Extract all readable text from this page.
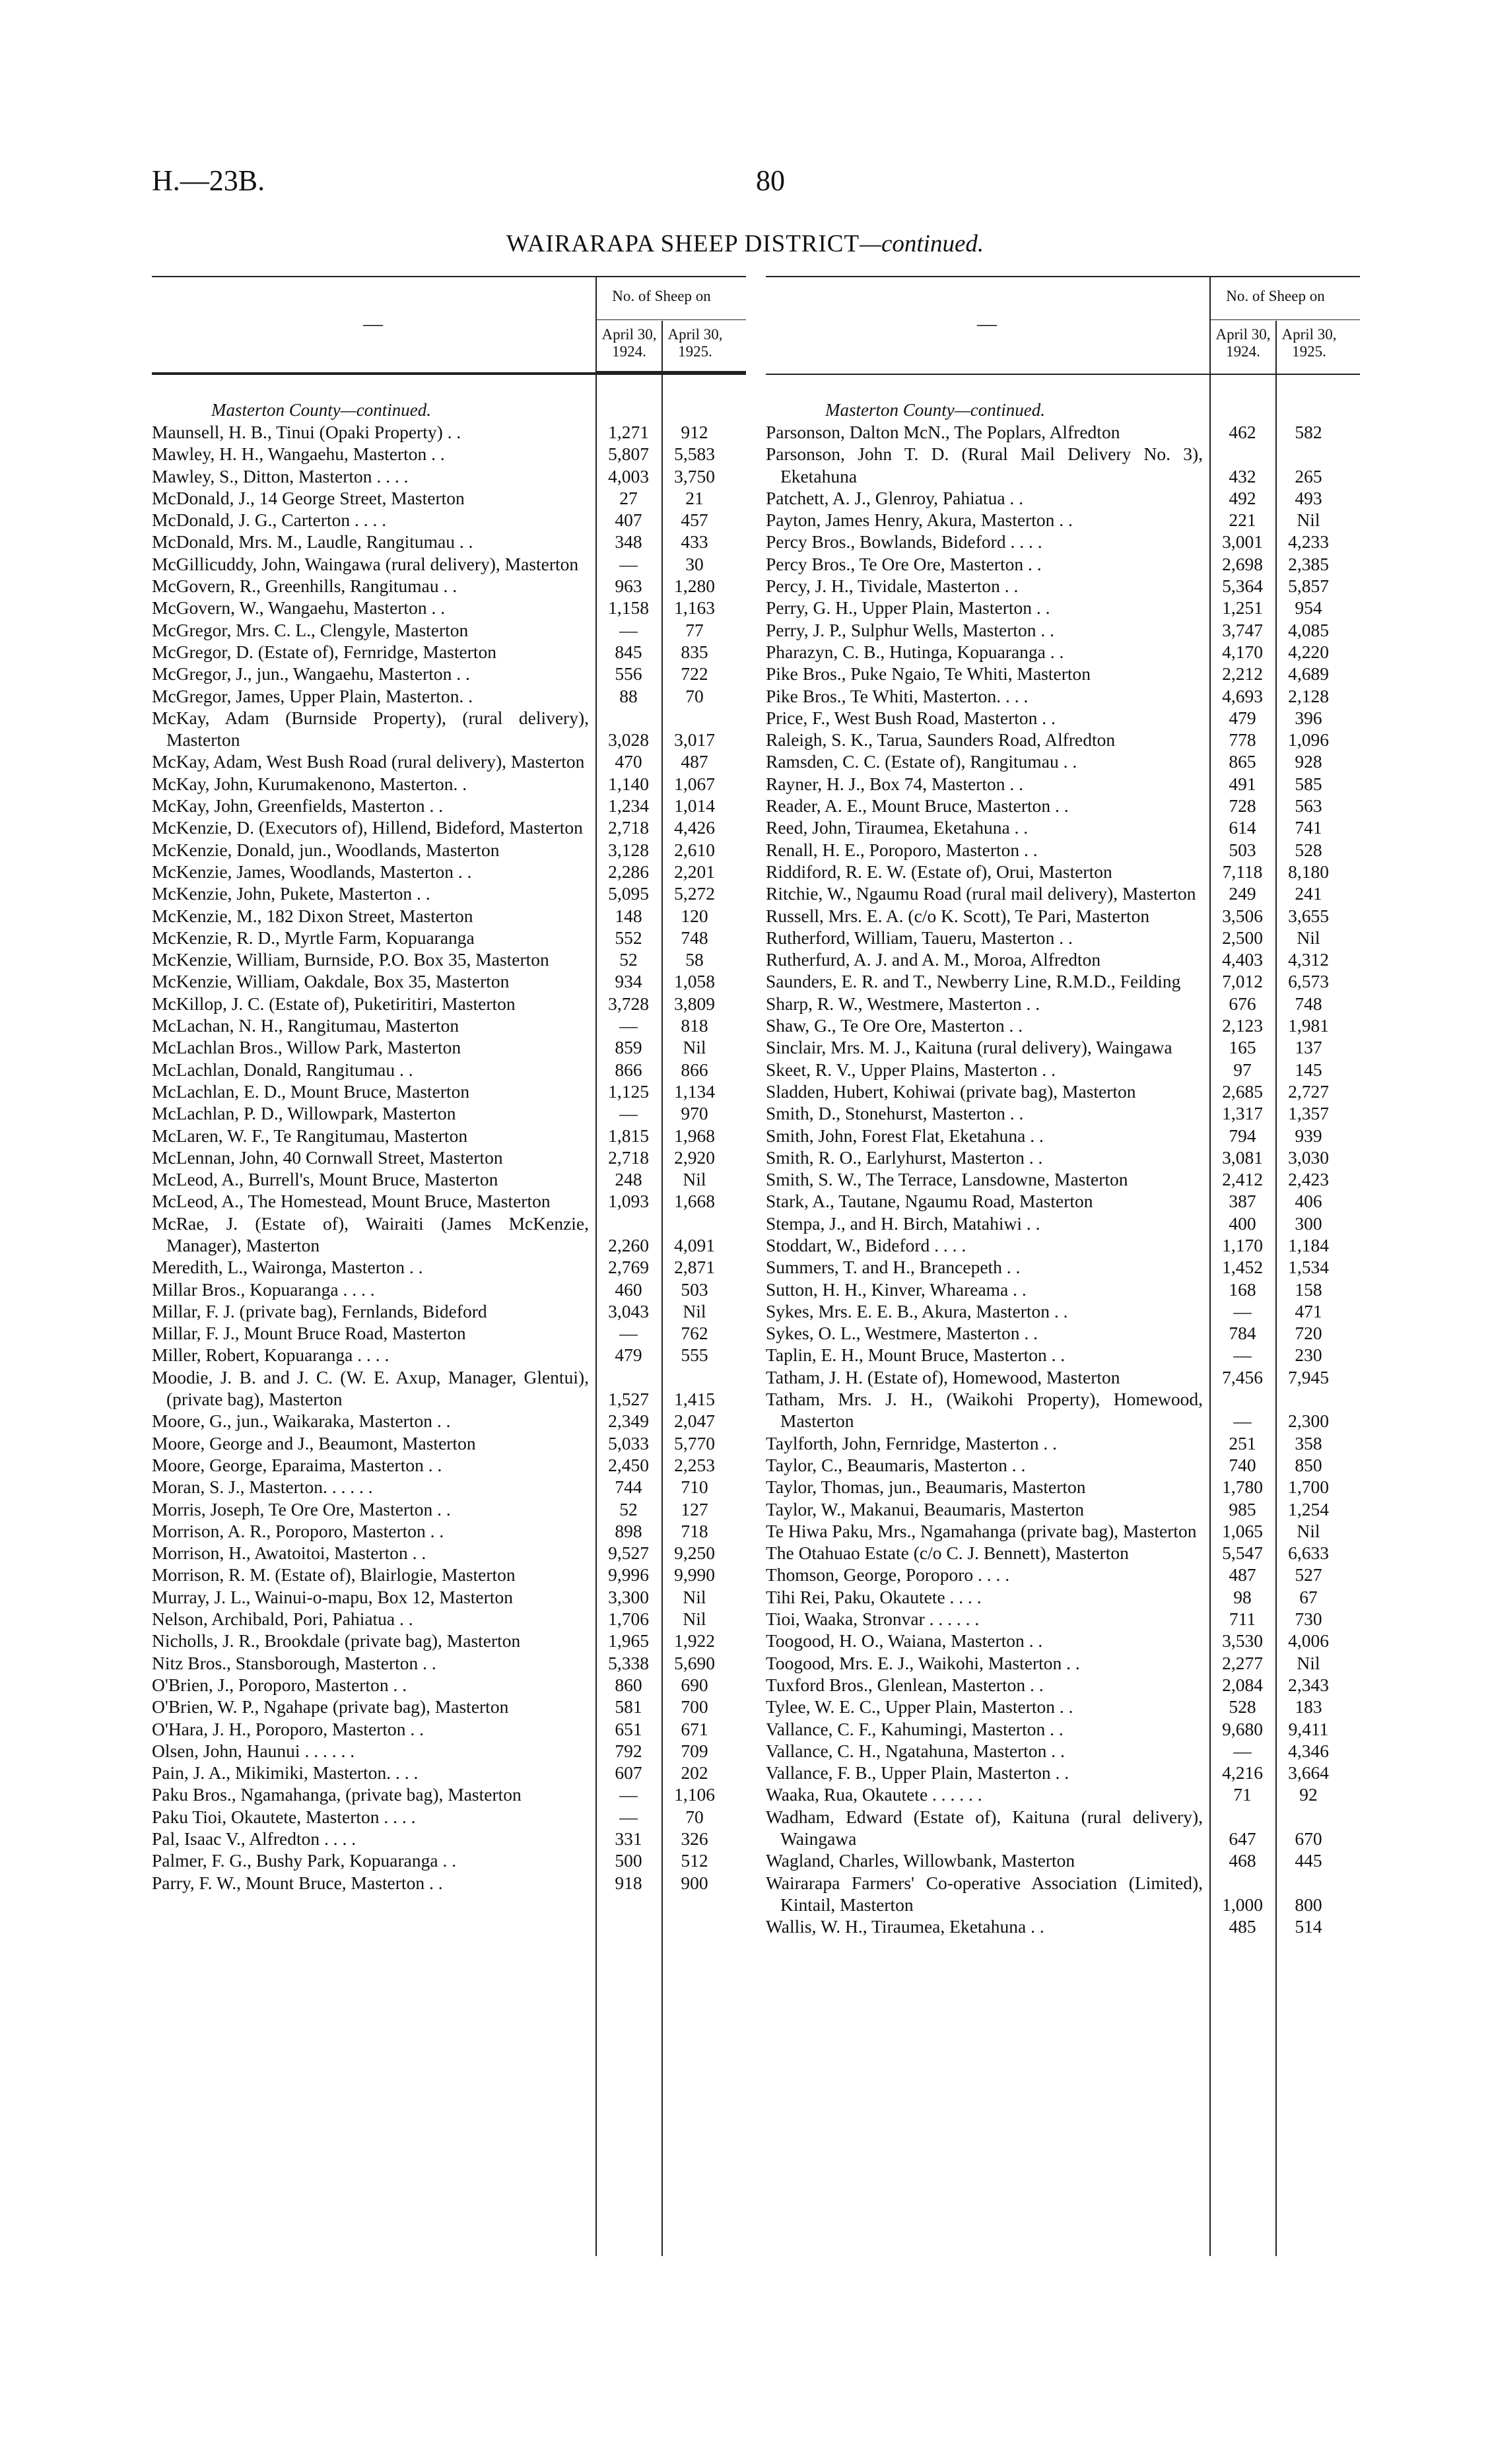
H.—23B.	80
WAIRARAPA SHEEP DISTRICT—continued.
—
No. of Sheep on
April 30, 1924.
April 30, 1925.
Masterton County—continued.
Maunsell, H. B., Tinui (Opaki Property) . .	1,271	912
Mawley, H. H., Wangaehu, Masterton . .	5,807	5,583
Mawley, S., Ditton, Masterton . . . .	4,003	3,750
McDonald, J., 14 George Street, Masterton	27	21
McDonald, J. G., Carterton . . . .	407	457
McDonald, Mrs. M., Laudle, Rangitumau . .	348	433
McGillicuddy, John, Waingawa (rural delivery), Masterton	—	30
McGovern, R., Greenhills, Rangitumau . .	963	1,280
McGovern, W., Wangaehu, Masterton . .	1,158	1,163
McGregor, Mrs. C. L., Clengyle, Masterton	—	77
McGregor, D. (Estate of), Fernridge, Masterton	845	835
McGregor, J., jun., Wangaehu, Masterton . .	556	722
McGregor, James, Upper Plain, Masterton. .	88	70
McKay, Adam (Burnside Property), (rural delivery), Masterton	3,028	3,017
McKay, Adam, West Bush Road (rural delivery), Masterton	470	487
McKay, John, Kurumakenono, Masterton. .	1,140	1,067
McKay, John, Greenfields, Masterton . .	1,234	1,014
McKenzie, D. (Executors of), Hillend, Bideford, Masterton	2,718	4,426
McKenzie, Donald, jun., Woodlands, Masterton	3,128	2,610
McKenzie, James, Woodlands, Masterton . .	2,286	2,201
McKenzie, John, Pukete, Masterton . .	5,095	5,272
McKenzie, M., 182 Dixon Street, Masterton	148	120
McKenzie, R. D., Myrtle Farm, Kopuaranga	552	748
McKenzie, William, Burnside, P.O. Box 35, Masterton	52	58
McKenzie, William, Oakdale, Box 35, Masterton	934	1,058
McKillop, J. C. (Estate of), Puketiritiri, Masterton	3,728	3,809
McLachan, N. H., Rangitumau, Masterton	—	818
McLachlan Bros., Willow Park, Masterton	859	Nil
McLachlan, Donald, Rangitumau . .	866	866
McLachlan, E. D., Mount Bruce, Masterton	1,125	1,134
McLachlan, P. D., Willowpark, Masterton	—	970
McLaren, W. F., Te Rangitumau, Masterton	1,815	1,968
McLennan, John, 40 Cornwall Street, Masterton	2,718	2,920
McLeod, A., Burrell's, Mount Bruce, Masterton	248	Nil
McLeod, A., The Homestead, Mount Bruce, Masterton	1,093	1,668
McRae, J. (Estate of), Wairaiti (James McKenzie, Manager), Masterton	2,260	4,091
Meredith, L., Waironga, Masterton . .	2,769	2,871
Millar Bros., Kopuaranga . . . .	460	503
Millar, F. J. (private bag), Fernlands, Bideford	3,043	Nil
Millar, F. J., Mount Bruce Road, Masterton	—	762
Miller, Robert, Kopuaranga . . . .	479	555
Moodie, J. B. and J. C. (W. E. Axup, Manager, Glentui), (private bag), Masterton	1,527	1,415
Moore, G., jun., Waikaraka, Masterton . .	2,349	2,047
Moore, George and J., Beaumont, Masterton	5,033	5,770
Moore, George, Eparaima, Masterton . .	2,450	2,253
Moran, S. J., Masterton. . . . . .	744	710
Morris, Joseph, Te Ore Ore, Masterton . .	52	127
Morrison, A. R., Poroporo, Masterton . .	898	718
Morrison, H., Awatoitoi, Masterton . .	9,527	9,250
Morrison, R. M. (Estate of), Blairlogie, Masterton	9,996	9,990
Murray, J. L., Wainui-o-mapu, Box 12, Masterton	3,300	Nil
Nelson, Archibald, Pori, Pahiatua . .	1,706	Nil
Nicholls, J. R., Brookdale (private bag), Masterton	1,965	1,922
Nitz Bros., Stansborough, Masterton . .	5,338	5,690
O'Brien, J., Poroporo, Masterton . .	860	690
O'Brien, W. P., Ngahape (private bag), Masterton	581	700
O'Hara, J. H., Poroporo, Masterton . .	651	671
Olsen, John, Haunui . . . . . .	792	709
Pain, J. A., Mikimiki, Masterton. . . .	607	202
Paku Bros., Ngamahanga, (private bag), Masterton	—	1,106
Paku Tioi, Okautete, Masterton . . . .	—	70
Pal, Isaac V., Alfredton . . . .	331	326
Palmer, F. G., Bushy Park, Kopuaranga . .	500	512
Parry, F. W., Mount Bruce, Masterton . .	918	900
—
No. of Sheep on
April 30, 1924.
April 30, 1925.
Masterton County—continued.
Parsonson, Dalton McN., The Poplars, Alfredton	462	582
Parsonson, John T. D. (Rural Mail Delivery No. 3), Eketahuna	432	265
Patchett, A. J., Glenroy, Pahiatua . .	492	493
Payton, James Henry, Akura, Masterton . .	221	Nil
Percy Bros., Bowlands, Bideford . . . .	3,001	4,233
Percy Bros., Te Ore Ore, Masterton . .	2,698	2,385
Percy, J. H., Tividale, Masterton . .	5,364	5,857
Perry, G. H., Upper Plain, Masterton . .	1,251	954
Perry, J. P., Sulphur Wells, Masterton . .	3,747	4,085
Pharazyn, C. B., Hutinga, Kopuaranga . .	4,170	4,220
Pike Bros., Puke Ngaio, Te Whiti, Masterton	2,212	4,689
Pike Bros., Te Whiti, Masterton. . . .	4,693	2,128
Price, F., West Bush Road, Masterton . .	479	396
Raleigh, S. K., Tarua, Saunders Road, Alfredton	778	1,096
Ramsden, C. C. (Estate of), Rangitumau . .	865	928
Rayner, H. J., Box 74, Masterton . .	491	585
Reader, A. E., Mount Bruce, Masterton . .	728	563
Reed, John, Tiraumea, Eketahuna . .	614	741
Renall, H. E., Poroporo, Masterton . .	503	528
Riddiford, R. E. W. (Estate of), Orui, Masterton	7,118	8,180
Ritchie, W., Ngaumu Road (rural mail delivery), Masterton	249	241
Russell, Mrs. E. A. (c/o K. Scott), Te Pari, Masterton	3,506	3,655
Rutherford, William, Taueru, Masterton . .	2,500	Nil
Rutherfurd, A. J. and A. M., Moroa, Alfredton	4,403	4,312
Saunders, E. R. and T., Newberry Line, R.M.D., Feilding	7,012	6,573
Sharp, R. W., Westmere, Masterton . .	676	748
Shaw, G., Te Ore Ore, Masterton . .	2,123	1,981
Sinclair, Mrs. M. J., Kaituna (rural delivery), Waingawa	165	137
Skeet, R. V., Upper Plains, Masterton . .	97	145
Sladden, Hubert, Kohiwai (private bag), Masterton	2,685	2,727
Smith, D., Stonehurst, Masterton . .	1,317	1,357
Smith, John, Forest Flat, Eketahuna . .	794	939
Smith, R. O., Earlyhurst, Masterton . .	3,081	3,030
Smith, S. W., The Terrace, Lansdowne, Masterton	2,412	2,423
Stark, A., Tautane, Ngaumu Road, Masterton	387	406
Stempa, J., and H. Birch, Matahiwi . .	400	300
Stoddart, W., Bideford . . . .	1,170	1,184
Summers, T. and H., Brancepeth . .	1,452	1,534
Sutton, H. H., Kinver, Whareama . .	168	158
Sykes, Mrs. E. E. B., Akura, Masterton . .	—	471
Sykes, O. L., Westmere, Masterton . .	784	720
Taplin, E. H., Mount Bruce, Masterton . .	—	230
Tatham, J. H. (Estate of), Homewood, Masterton	7,456	7,945
Tatham, Mrs. J. H., (Waikohi Property), Homewood, Masterton	—	2,300
Taylforth, John, Fernridge, Masterton . .	251	358
Taylor, C., Beaumaris, Masterton . .	740	850
Taylor, Thomas, jun., Beaumaris, Masterton	1,780	1,700
Taylor, W., Makanui, Beaumaris, Masterton	985	1,254
Te Hiwa Paku, Mrs., Ngamahanga (private bag), Masterton	1,065	Nil
The Otahuao Estate (c/o C. J. Bennett), Masterton	5,547	6,633
Thomson, George, Poroporo . . . .	487	527
Tihi Rei, Paku, Okautete . . . .	98	67
Tioi, Waaka, Stronvar . . . . . .	711	730
Toogood, H. O., Waiana, Masterton . .	3,530	4,006
Toogood, Mrs. E. J., Waikohi, Masterton . .	2,277	Nil
Tuxford Bros., Glenlean, Masterton . .	2,084	2,343
Tylee, W. E. C., Upper Plain, Masterton . .	528	183
Vallance, C. F., Kahumingi, Masterton . .	9,680	9,411
Vallance, C. H., Ngatahuna, Masterton . .	—	4,346
Vallance, F. B., Upper Plain, Masterton . .	4,216	3,664
Waaka, Rua, Okautete . . . . . .	71	92
Wadham, Edward (Estate of), Kaituna (rural delivery), Waingawa	647	670
Wagland, Charles, Willowbank, Masterton	468	445
Wairarapa Farmers' Co-operative Association (Limited), Kintail, Masterton	1,000	800
Wallis, W. H., Tiraumea, Eketahuna . .	485	514
